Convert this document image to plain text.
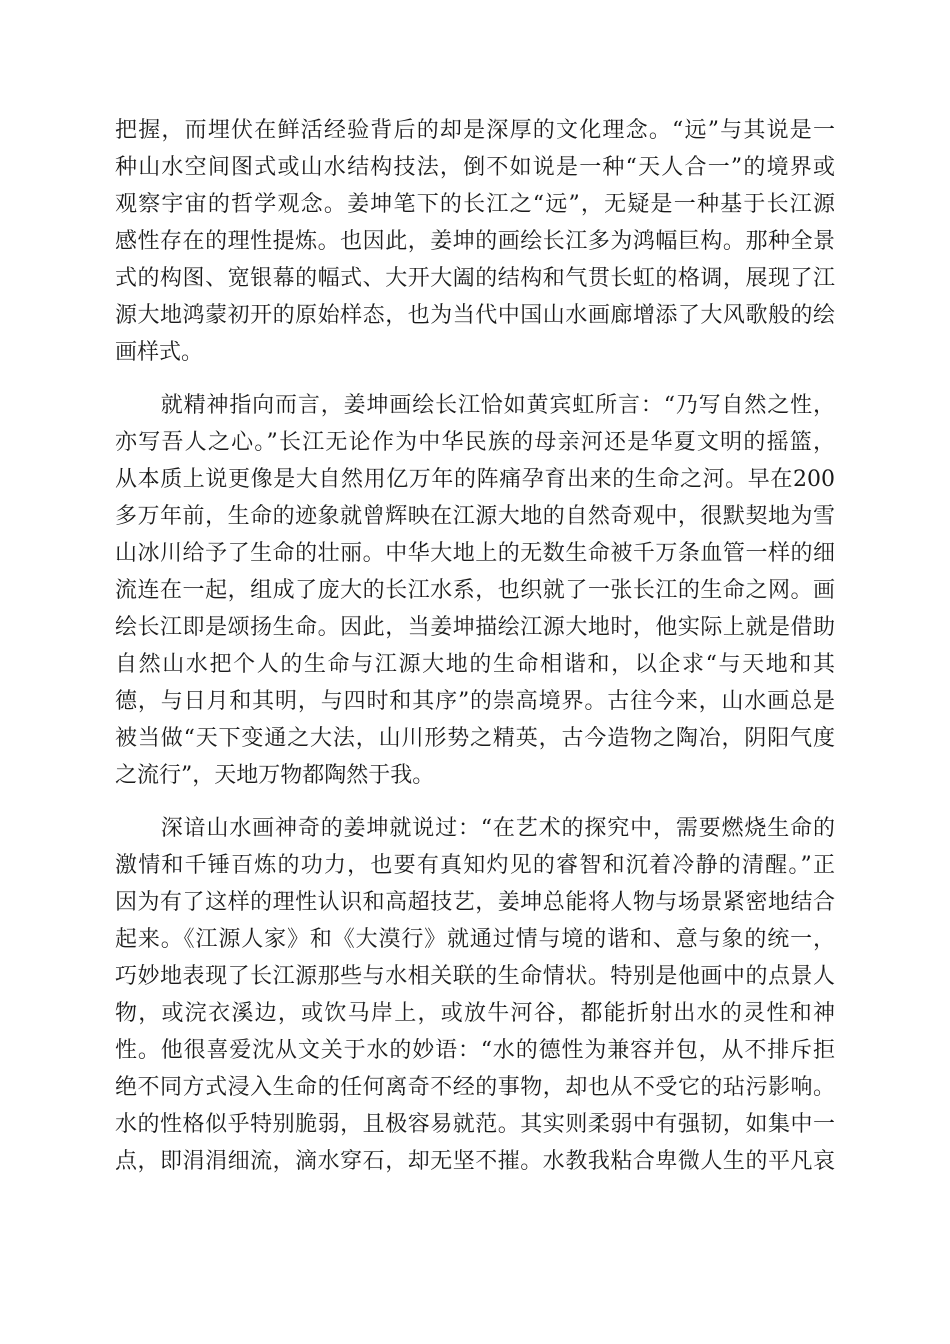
把握，而埋伏在鲜活经验背后的却是深厚的文化理念。“远”与其说是一
种山水空间图式或山水结构技法，倒不如说是一种“天人合一”的境界或
观察宇宙的哲学观念。姜坤笔下的长江之“远”，无疑是一种基于长江源
感性存在的理性提炼。也因此，姜坤的画绘长江多为鸿幅巨构。那种全景
式的构图、宽银幕的幅式、大开大阖的结构和气贯长虹的格调，展现了江
源大地鸿蒙初开的原始样态，也为当代中国山水画廊增添了大风歌般的绘
画样式。
　　就精神指向而言，姜坤画绘长江恰如黄宾虹所言：“乃写自然之性，
亦写吾人之心。”长江无论作为中华民族的母亲河还是华夏文明的摇篮，
从本质上说更像是大自然用亿万年的阵痛孕育出来的生命之河。早在200
多万年前，生命的迹象就曾辉映在江源大地的自然奇观中，很默契地为雪
山冰川给予了生命的壮丽。中华大地上的无数生命被千万条血管一样的细
流连在一起，组成了庞大的长江水系，也织就了一张长江的生命之网。画
绘长江即是颂扬生命。因此，当姜坤描绘江源大地时，他实际上就是借助
自然山水把个人的生命与江源大地的生命相谐和，以企求“与天地和其
德，与日月和其明，与四时和其序”的崇高境界。古往今来，山水画总是
被当做“天下变通之大法，山川形势之精英，古今造物之陶冶，阴阳气度
之流行”，天地万物都陶然于我。
　　深谙山水画神奇的姜坤就说过：“在艺术的探究中，需要燃烧生命的
激情和千锤百炼的功力，也要有真知灼见的睿智和沉着冷静的清醒。”正
因为有了这样的理性认识和高超技艺，姜坤总能将人物与场景紧密地结合
起来。《江源人家》和《大漠行》就通过情与境的谐和、意与象的统一，
巧妙地表现了长江源那些与水相关联的生命情状。特别是他画中的点景人
物，或浣衣溪边，或饮马岸上，或放牛河谷，都能折射出水的灵性和神
性。他很喜爱沈从文关于水的妙语：“水的德性为兼容并包，从不排斥拒
绝不同方式浸入生命的任何离奇不经的事物，却也从不受它的玷污影响。
水的性格似乎特别脆弱，且极容易就范。其实则柔弱中有强韧，如集中一
点，即涓涓细流，滴水穿石，却无坚不摧。水教我粘合卑微人生的平凡哀
